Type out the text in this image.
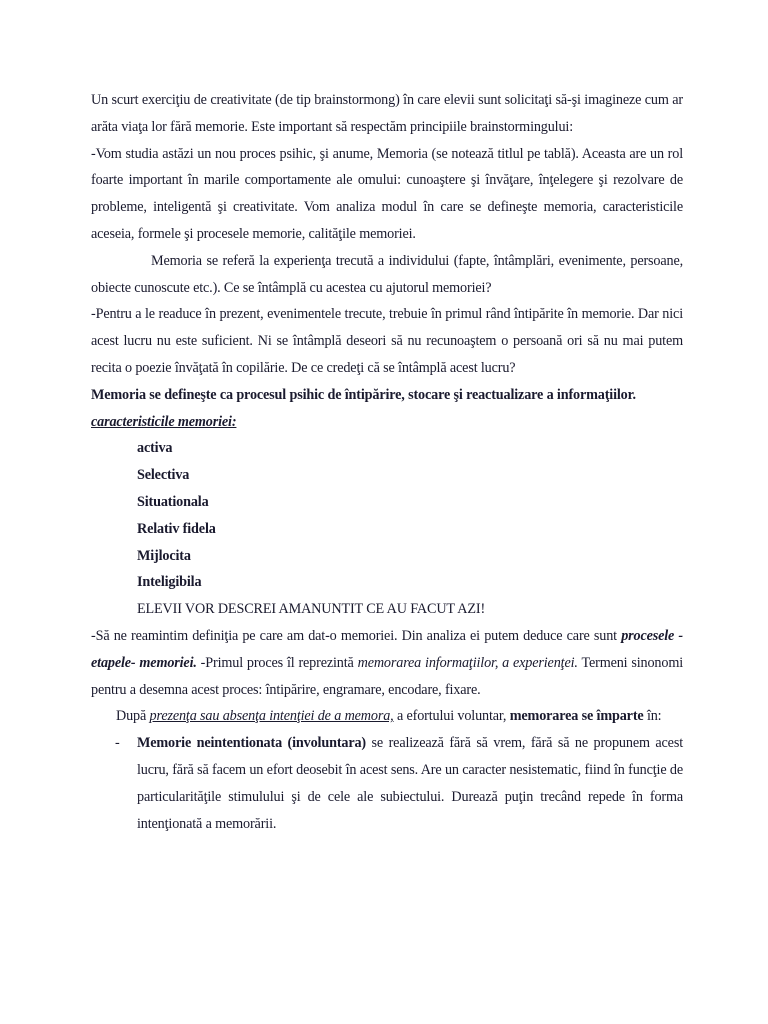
Un scurt exerciţiu de creativitate (de tip brainstormong) în care elevii sunt solicitaţi să-şi imagineze cum ar arăta viaţa lor fără memorie. Este important să respectăm principiile brainstormingului:

-Vom studia astăzi un nou proces psihic, şi anume, Memoria (se notează titlul pe tablă). Aceasta are un rol foarte important în marile comportamente ale omului: cunoaştere şi învăţare, înţelegere şi rezolvare de probleme, inteligentă şi creativitate. Vom analiza modul în care se defineşte memoria, caracteristicile aceseia, formele şi procesele memorie, calităţile memoriei.

Memoria se referă la experienţa trecută a individului (fapte, întâmplări, evenimente, persoane, obiecte cunoscute etc.). Ce se întâmplă cu acestea cu ajutorul memoriei?

-Pentru a le readuce în prezent, evenimentele trecute, trebuie în primul rând întipărite în memorie. Dar nici acest lucru nu este suficient. Ni se întâmplă deseori să nu recunoaştem o persoană ori să nu mai putem recita o poezie învăţată în copilărie. De ce credeţi că se întâmplă acest lucru?

Memoria se defineşte ca procesul psihic de întipărire, stocare şi reactualizare a informaţiilor.

caracteristicile memoriei:

activa
Selectiva
Situationala
Relativ fidela
Mijlocita
Inteligibila

ELEVII VOR DESCREI AMANUNTIT CE AU FACUT AZI!

-Să ne reamintim definiţia pe care am dat-o memoriei. Din analiza ei putem deduce care sunt procesele -etapele- memoriei. -Primul proces îl reprezintă memorarea informaţiilor, a experienţei. Termeni sinonomi pentru a desemna acest proces: întipărire, engramare, encodare, fixare.

După prezenţa sau absenţa intenţiei de a memora, a efortului voluntar, memorarea se împarte în:

- Memorie neintentionata (involuntara) se realizează fără să vrem, fără să ne propunem acest lucru, fără să facem un efort deosebit în acest sens. Are un caracter nesistematic, fiind în funcţie de particularităţile stimulului şi de cele ale subiectului. Durează puţin trecând repede în forma intenţionată a memorării.
